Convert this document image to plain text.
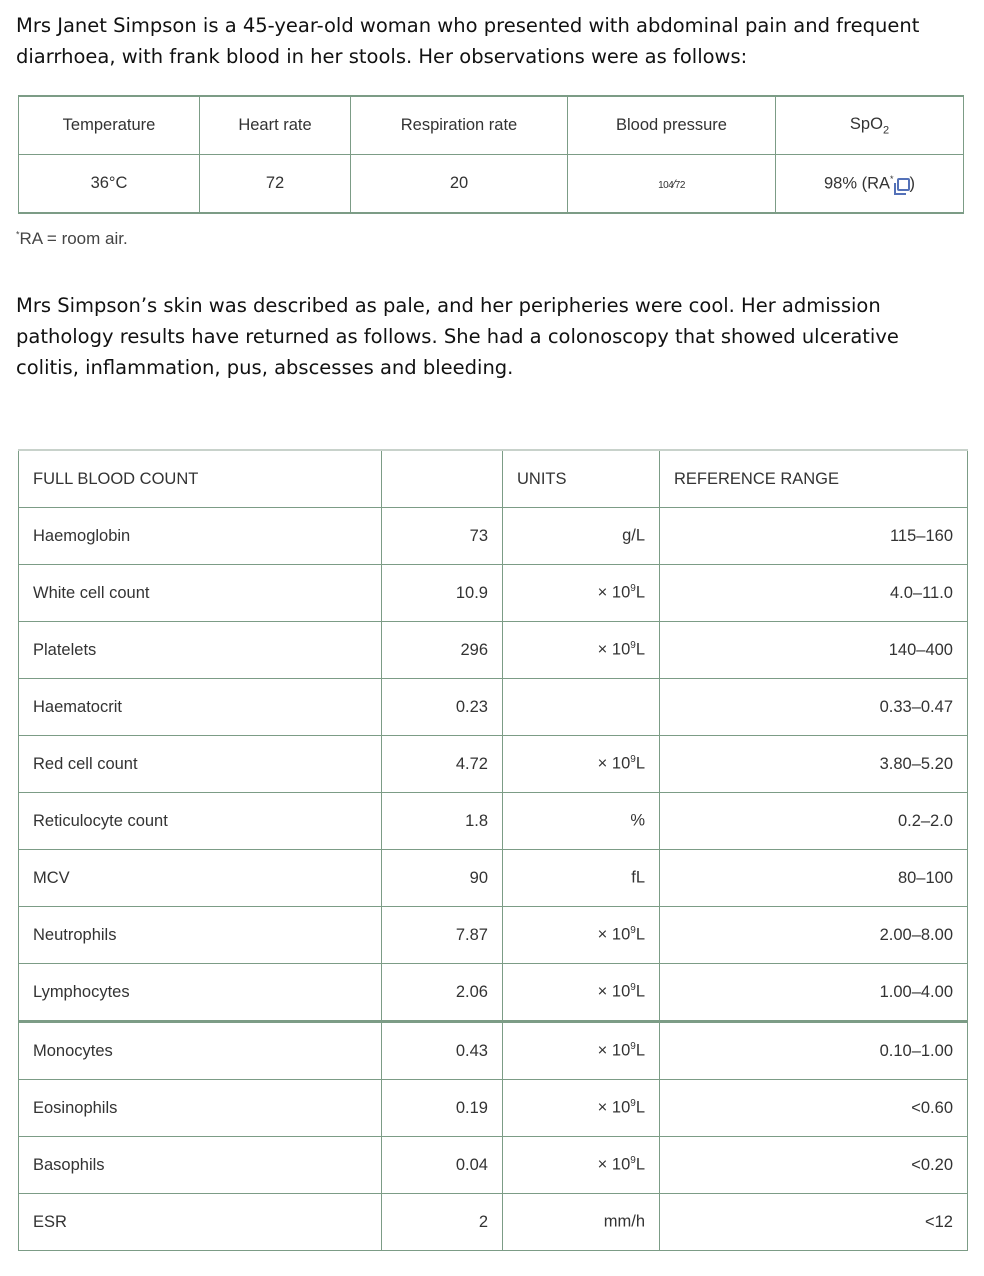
Mrs Janet Simpson is a 45-year-old woman who presented with abdominal pain and frequent diarrhoea, with frank blood in her stools. Her observations were as follows:

Temperature	Heart rate	Respiration rate	Blood pressure	SpO$_2$
36°C	72	20	104⁄72	98% (RA* )
*RA = room air.

Mrs Simpson’s skin was described as pale, and her peripheries were cool. Her admission pathology results have returned as follows. She had a colonoscopy that showed ulcerative colitis, inflammation, pus, abscesses and bleeding.

FULL BLOOD COUNT		UNITS	REFERENCE RANGE
Haemoglobin	73	g/L	115–160
White cell count	10.9	× $10^9L$	4.0–11.0
Platelets	296	× $10^9L$	140–400
Haematocrit	0.23		0.33–0.47
Red cell count	4.72	× $10^9L$	3.80–5.20
Reticulocyte count	1.8	%	0.2–2.0
MCV	90	fL	80–100
Neutrophils	7.87	× $10^9L$	2.00–8.00
Lymphocytes	2.06	× $10^9L$	1.00–4.00
Monocytes	0.43	× $10^9L$	0.10–1.00
Eosinophils	0.19	× $10^9L$	<0.60
Basophils	0.04	× $10^9L$	<0.20
ESR	2	mm/h	<12
